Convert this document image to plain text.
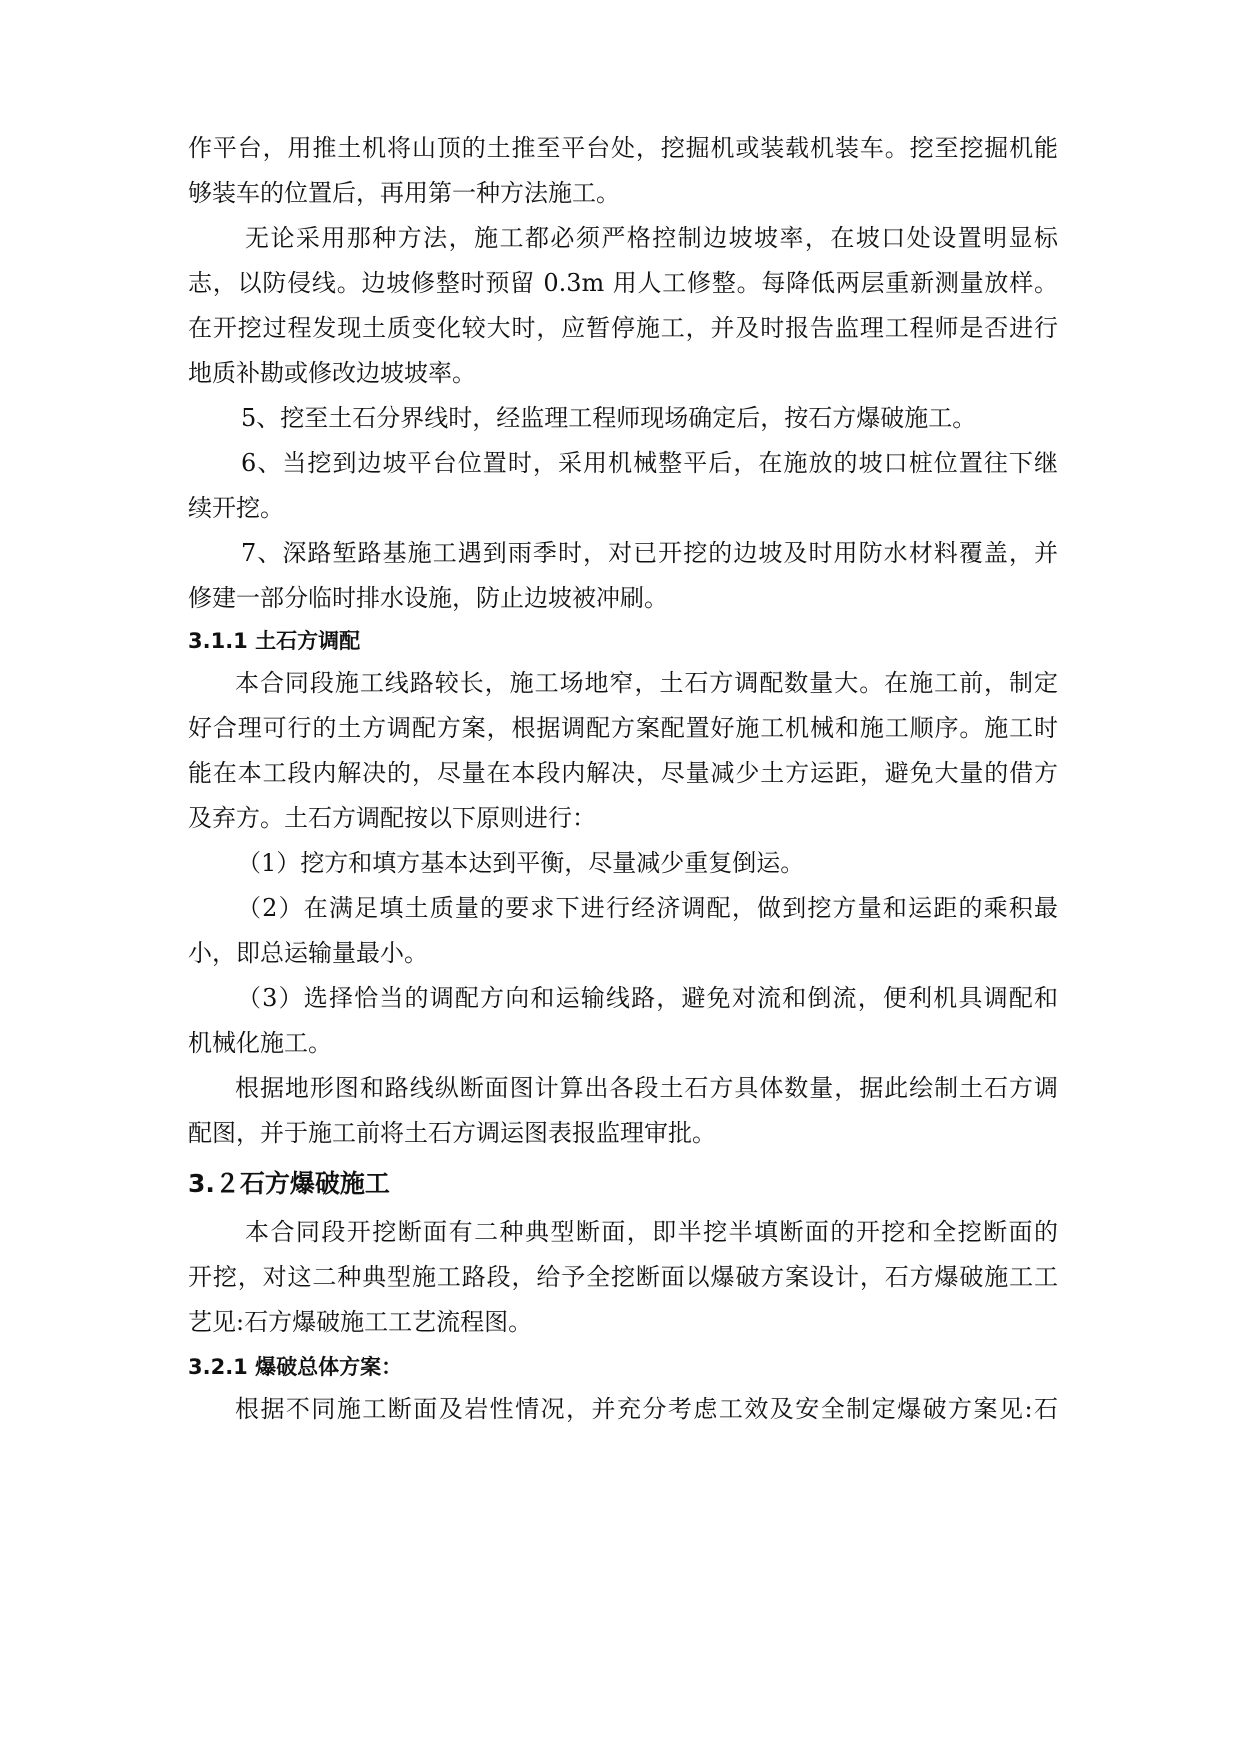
作平台，用推土机将山顶的土推至平台处，挖掘机或装载机装车。挖至挖掘机能
够装车的位置后，再用第一种方法施工。
无论采用那种方法，施工都必须严格控制边坡坡率，在坡口处设置明显标
志，以防侵线。边坡修整时预留 0.3m 用人工修整。每降低两层重新测量放样。
在开挖过程发现土质变化较大时，应暂停施工，并及时报告监理工程师是否进行
地质补勘或修改边坡坡率。
5、挖至土石分界线时，经监理工程师现场确定后，按石方爆破施工。
6、当挖到边坡平台位置时，采用机械整平后，在施放的坡口桩位置往下继
续开挖。
7、深路堑路基施工遇到雨季时，对已开挖的边坡及时用防水材料覆盖，并
修建一部分临时排水设施，防止边坡被冲刷。
3.1.1 土石方调配
本合同段施工线路较长，施工场地窄，土石方调配数量大。在施工前，制定
好合理可行的土方调配方案，根据调配方案配置好施工机械和施工顺序。施工时
能在本工段内解决的，尽量在本段内解决，尽量减少土方运距，避免大量的借方
及弃方。土石方调配按以下原则进行：
（1）挖方和填方基本达到平衡，尽量减少重复倒运。
（2）在满足填土质量的要求下进行经济调配，做到挖方量和运距的乘积最
小，即总运输量最小。
（3）选择恰当的调配方向和运输线路，避免对流和倒流，便利机具调配和
机械化施工。
根据地形图和路线纵断面图计算出各段土石方具体数量，据此绘制土石方调
配图，并于施工前将土石方调运图表报监理审批。
3.２石方爆破施工
本合同段开挖断面有二种典型断面，即半挖半填断面的开挖和全挖断面的
开挖，对这二种典型施工路段，给予全挖断面以爆破方案设计，石方爆破施工工
艺见:石方爆破施工工艺流程图。
3.2.1 爆破总体方案：
根据不同施工断面及岩性情况，并充分考虑工效及安全制定爆破方案见:石
